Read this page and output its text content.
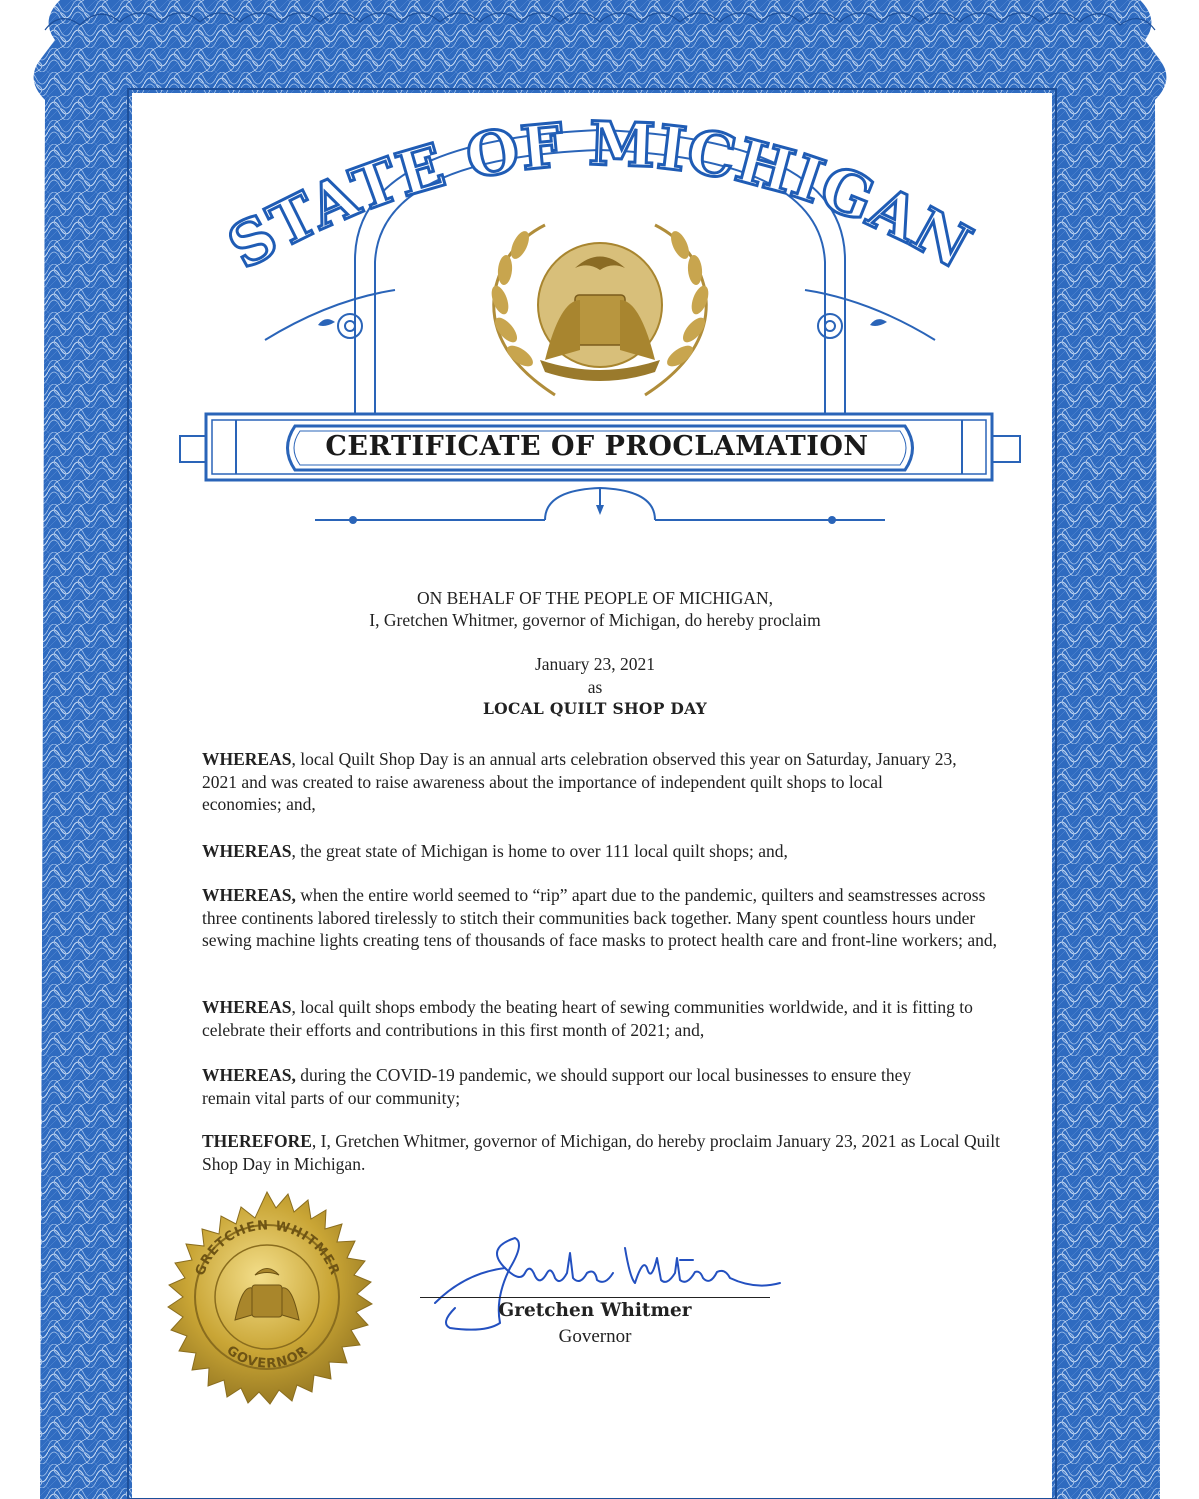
STATE OF MICHIGAN
CERTIFICATE OF PROCLAMATION
ON BEHALF OF THE PEOPLE OF MICHIGAN,
I, Gretchen Whitmer, governor of Michigan, do hereby proclaim
January 23, 2021
as
LOCAL QUILT SHOP DAY

WHEREAS, local Quilt Shop Day is an annual arts celebration observed this year on Saturday, January 23, 2021 and was created to raise awareness about the importance of independent quilt shops to local economies; and,

WHEREAS, the great state of Michigan is home to over 111 local quilt shops; and,

WHEREAS, when the entire world seemed to “rip” apart due to the pandemic, quilters and seamstresses across three continents labored tirelessly to stitch their communities back together. Many spent countless hours under sewing machine lights creating tens of thousands of face masks to protect health care and front-line workers; and,

WHEREAS, local quilt shops embody the beating heart of sewing communities worldwide, and it is fitting to celebrate their efforts and contributions in this first month of 2021; and,

WHEREAS, during the COVID-19 pandemic, we should support our local businesses to ensure they remain vital parts of our community;

THEREFORE, I, Gretchen Whitmer, governor of Michigan, do hereby proclaim January 23, 2021 as Local Quilt Shop Day in Michigan.

GRETCHEN WHITMER
GOVERNOR
Gretchen Whitmer
Governor
